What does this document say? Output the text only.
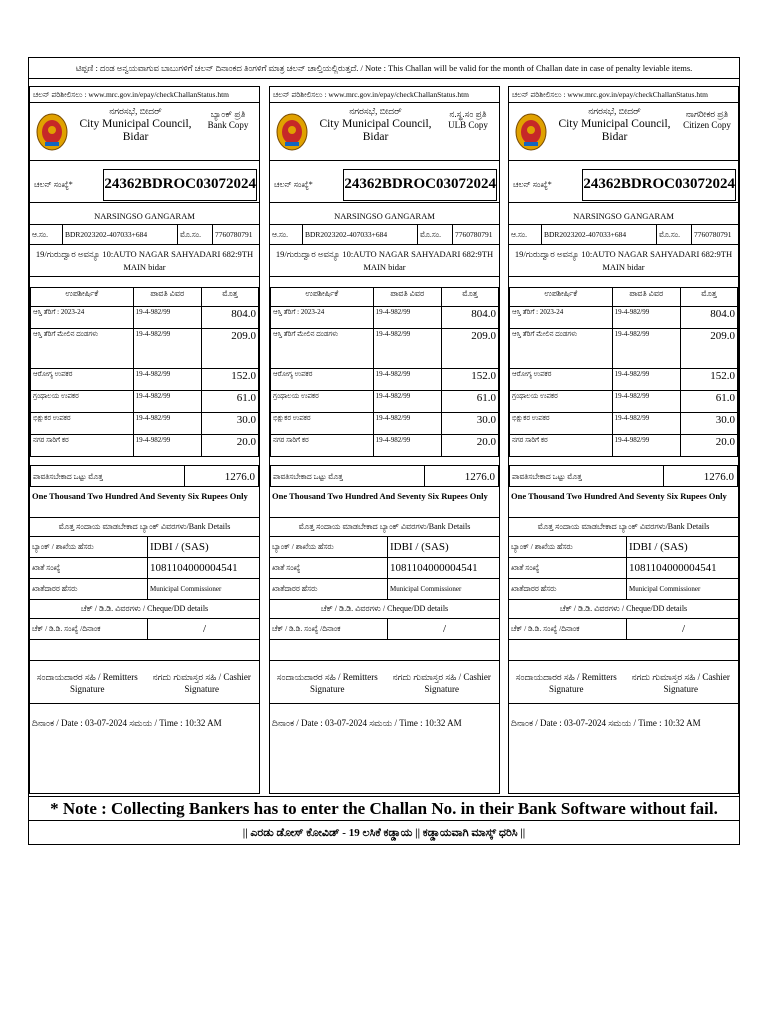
ಟಿಪ್ಪಣಿ : ದಂಡ ಅನ್ವಯವಾಗುವ ಬಾಬುಗಳಿಗೆ ಚಲನ್ ದಿನಾಂಕದ ತಿಂಗಳಿಗೆ ಮಾತ್ರ ಚಲನ್ ಚಾಲ್ತಿಯಲ್ಲಿರುತ್ತದೆ. / Note : This Challan will be valid for the month of Challan date in case of penalty leviable items.
ಚಲನ್ ಪರಿಶೀಲಿಸಲು : www.mrc.gov.in/epay/checkChallanStatus.htm
ನಗರಸಭೆ, ಬೀದರ್
City Municipal Council, Bidar
ಬ್ಯಾಂಕ್ ಪ್ರತಿ
Bank Copy
ಚಲನ್ ಸಂಖ್ಯೆ*	24362BDROC03072024
NARSINGSO GANGARAM
ಆ.ಸಂ.	BDR2023202-407033+684	ಮೊ.ಸಂ.	7760780791
19/ಗುರುದ್ವಾರ ಅವನ್ಯೂ 10:AUTO NAGAR SAHYADARI 682:9TH MAIN bidar
ಉಪಶೀರ್ಷಿಕೆ	ಪಾವತಿ ವಿವರ	ಮೊತ್ತ
ಆಸ್ತಿ ತೆರಿಗೆ : 2023-24	19-4-982/99	804.0
ಆಸ್ತಿ ತೆರಿಗೆ ಮೇಲಿನ ದಂಡಗಳು	19-4-982/99	209.0
ಆರೋಗ್ಯ ಉಪಕರ	19-4-982/99	152.0
ಗ್ರಂಥಾಲಯ ಉಪಕರ	19-4-982/99	61.0
ಭಿಕ್ಷುಕರ ಉಪಕರ	19-4-982/99	30.0
ನಗರ ಸಾರಿಗೆ ಕರ	19-4-982/99	20.0
ಪಾವತಿಸಬೇಕಾದ ಒಟ್ಟು ಮೊತ್ತ	1276.0
One Thousand Two Hundred And Seventy Six Rupees Only
ಮೊತ್ತ ಸಂದಾಯ ಮಾಡಬೇಕಾದ ಬ್ಯಾಂಕ್ ವಿವರಗಳು/Bank Details
ಬ್ಯಾಂಕ್ / ಶಾಖೆಯ ಹೆಸರು	IDBI / (SAS)
ಖಾತೆ ಸಂಖ್ಯೆ	1081104000004541
ಖಾತೆದಾರರ ಹೆಸರು	Municipal Commissioner
ಚೆಕ್ / ಡಿ.ಡಿ. ವಿವರಗಳು / Cheque/DD details
ಚೆಕ್ / ಡಿ.ಡಿ. ಸಂಖ್ಯೆ /ದಿನಾಂಕ	/
ಸಂದಾಯದಾರರ ಸಹಿ / Remitters Signature
ನಗದು ಗುಮಾಸ್ತರ ಸಹಿ / Cashier Signature
ದಿನಾಂಕ / Date : 03-07-2024 ಸಮಯ / Time : 10:32 AM
ಚಲನ್ ಪರಿಶೀಲಿಸಲು : www.mrc.gov.in/epay/checkChallanStatus.htm
ನಗರಸಭೆ, ಬೀದರ್
City Municipal Council, Bidar
ನ.ಸ್ಥ.ಸಂ ಪ್ರತಿ
ULB Copy
ಚಲನ್ ಸಂಖ್ಯೆ*	24362BDROC03072024
NARSINGSO GANGARAM
ಆ.ಸಂ.	BDR2023202-407033+684	ಮೊ.ಸಂ.	7760780791
19/ಗುರುದ್ವಾರ ಅವನ್ಯೂ 10:AUTO NAGAR SAHYADARI 682:9TH MAIN bidar
ಉಪಶೀರ್ಷಿಕೆ	ಪಾವತಿ ವಿವರ	ಮೊತ್ತ
ಆಸ್ತಿ ತೆರಿಗೆ : 2023-24	19-4-982/99	804.0
ಆಸ್ತಿ ತೆರಿಗೆ ಮೇಲಿನ ದಂಡಗಳು	19-4-982/99	209.0
ಆರೋಗ್ಯ ಉಪಕರ	19-4-982/99	152.0
ಗ್ರಂಥಾಲಯ ಉಪಕರ	19-4-982/99	61.0
ಭಿಕ್ಷುಕರ ಉಪಕರ	19-4-982/99	30.0
ನಗರ ಸಾರಿಗೆ ಕರ	19-4-982/99	20.0
ಪಾವತಿಸಬೇಕಾದ ಒಟ್ಟು ಮೊತ್ತ	1276.0
One Thousand Two Hundred And Seventy Six Rupees Only
ಮೊತ್ತ ಸಂದಾಯ ಮಾಡಬೇಕಾದ ಬ್ಯಾಂಕ್ ವಿವರಗಳು/Bank Details
ಬ್ಯಾಂಕ್ / ಶಾಖೆಯ ಹೆಸರು	IDBI / (SAS)
ಖಾತೆ ಸಂಖ್ಯೆ	1081104000004541
ಖಾತೆದಾರರ ಹೆಸರು	Municipal Commissioner
ಚೆಕ್ / ಡಿ.ಡಿ. ವಿವರಗಳು / Cheque/DD details
ಚೆಕ್ / ಡಿ.ಡಿ. ಸಂಖ್ಯೆ /ದಿನಾಂಕ	/
ಸಂದಾಯದಾರರ ಸಹಿ / Remitters Signature
ನಗದು ಗುಮಾಸ್ತರ ಸಹಿ / Cashier Signature
ದಿನಾಂಕ / Date : 03-07-2024 ಸಮಯ / Time : 10:32 AM
ಚಲನ್ ಪರಿಶೀಲಿಸಲು : www.mrc.gov.in/epay/checkChallanStatus.htm
ನಗರಸಭೆ, ಬೀದರ್
City Municipal Council, Bidar
ನಾಗರೀಕರ ಪ್ರತಿ
Citizen Copy
ಚಲನ್ ಸಂಖ್ಯೆ*	24362BDROC03072024
NARSINGSO GANGARAM
ಆ.ಸಂ.	BDR2023202-407033+684	ಮೊ.ಸಂ.	7760780791
19/ಗುರುದ್ವಾರ ಅವನ್ಯೂ 10:AUTO NAGAR SAHYADARI 682:9TH MAIN bidar
ಉಪಶೀರ್ಷಿಕೆ	ಪಾವತಿ ವಿವರ	ಮೊತ್ತ
ಆಸ್ತಿ ತೆರಿಗೆ : 2023-24	19-4-982/99	804.0
ಆಸ್ತಿ ತೆರಿಗೆ ಮೇಲಿನ ದಂಡಗಳು	19-4-982/99	209.0
ಆರೋಗ್ಯ ಉಪಕರ	19-4-982/99	152.0
ಗ್ರಂಥಾಲಯ ಉಪಕರ	19-4-982/99	61.0
ಭಿಕ್ಷುಕರ ಉಪಕರ	19-4-982/99	30.0
ನಗರ ಸಾರಿಗೆ ಕರ	19-4-982/99	20.0
ಪಾವತಿಸಬೇಕಾದ ಒಟ್ಟು ಮೊತ್ತ	1276.0
One Thousand Two Hundred And Seventy Six Rupees Only
ಮೊತ್ತ ಸಂದಾಯ ಮಾಡಬೇಕಾದ ಬ್ಯಾಂಕ್ ವಿವರಗಳು/Bank Details
ಬ್ಯಾಂಕ್ / ಶಾಖೆಯ ಹೆಸರು	IDBI / (SAS)
ಖಾತೆ ಸಂಖ್ಯೆ	1081104000004541
ಖಾತೆದಾರರ ಹೆಸರು	Municipal Commissioner
ಚೆಕ್ / ಡಿ.ಡಿ. ವಿವರಗಳು / Cheque/DD details
ಚೆಕ್ / ಡಿ.ಡಿ. ಸಂಖ್ಯೆ /ದಿನಾಂಕ	/
ಸಂದಾಯದಾರರ ಸಹಿ / Remitters Signature
ನಗದು ಗುಮಾಸ್ತರ ಸಹಿ / Cashier Signature
ದಿನಾಂಕ / Date : 03-07-2024 ಸಮಯ / Time : 10:32 AM
* Note : Collecting Bankers has to enter the Challan No. in their Bank Software without fail.
|| ಎರಡು ಡೋಸ್ ಕೋವಿಡ್ - 19 ಲಸಿಕೆ ಕಡ್ಡಾಯ || ಕಡ್ಡಾಯವಾಗಿ ಮಾಸ್ಕ್ ಧರಿಸಿ ||
